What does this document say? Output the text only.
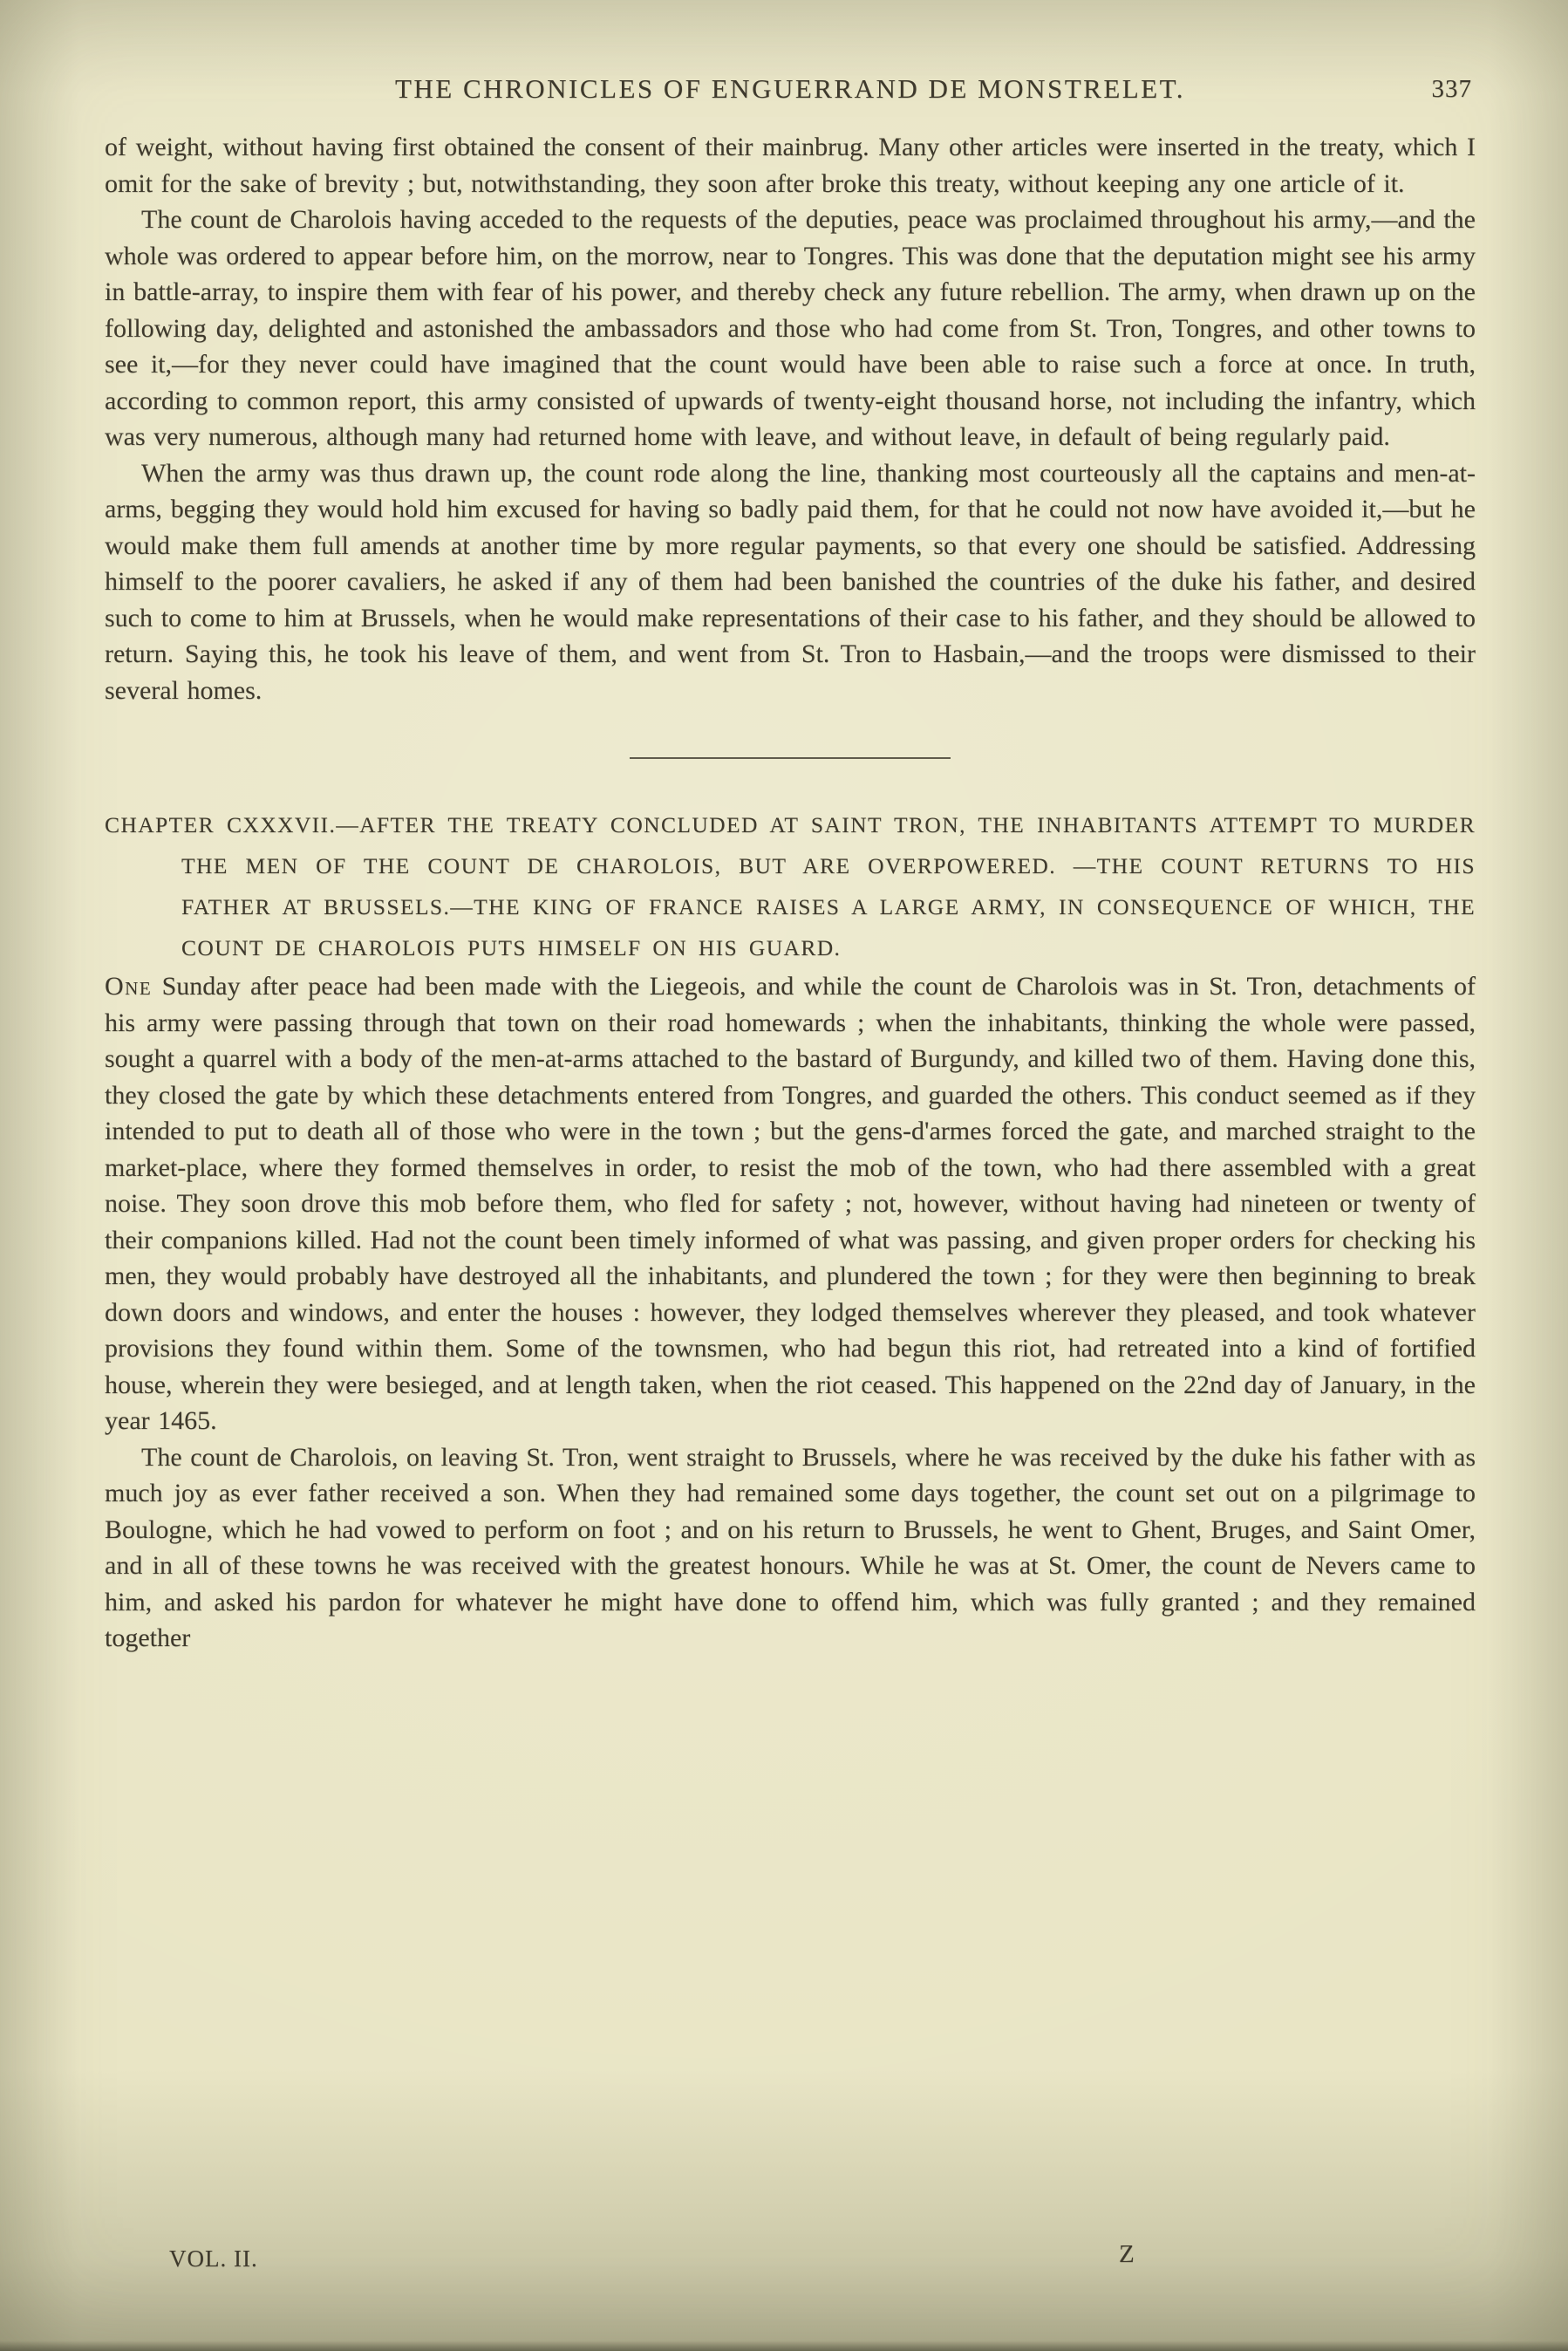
THE CHRONICLES OF ENGUERRAND DE MONSTRELET.	337

of weight, without having first obtained the consent of their mainbrug. Many other articles were inserted in the treaty, which I omit for the sake of brevity ; but, notwithstanding, they soon after broke this treaty, without keeping any one article of it.

The count de Charolois having acceded to the requests of the deputies, peace was proclaimed throughout his army,—and the whole was ordered to appear before him, on the morrow, near to Tongres. This was done that the deputation might see his army in battle-array, to inspire them with fear of his power, and thereby check any future rebellion. The army, when drawn up on the following day, delighted and astonished the ambassadors and those who had come from St. Tron, Tongres, and other towns to see it,—for they never could have imagined that the count would have been able to raise such a force at once. In truth, according to common report, this army consisted of upwards of twenty-eight thousand horse, not including the infantry, which was very numerous, although many had returned home with leave, and without leave, in default of being regularly paid.

When the army was thus drawn up, the count rode along the line, thanking most courteously all the captains and men-at-arms, begging they would hold him excused for having so badly paid them, for that he could not now have avoided it,—but he would make them full amends at another time by more regular payments, so that every one should be satisfied. Addressing himself to the poorer cavaliers, he asked if any of them had been banished the countries of the duke his father, and desired such to come to him at Brussels, when he would make representations of their case to his father, and they should be allowed to return. Saying this, he took his leave of them, and went from St. Tron to Hasbain,—and the troops were dismissed to their several homes.

CHAPTER CXXXVII.—AFTER THE TREATY CONCLUDED AT SAINT TRON, THE INHABITANTS ATTEMPT TO MURDER THE MEN OF THE COUNT DE CHAROLOIS, BUT ARE OVERPOWERED. —THE COUNT RETURNS TO HIS FATHER AT BRUSSELS.—THE KING OF FRANCE RAISES A LARGE ARMY, IN CONSEQUENCE OF WHICH, THE COUNT DE CHAROLOIS PUTS HIMSELF ON HIS GUARD.

One Sunday after peace had been made with the Liegeois, and while the count de Charolois was in St. Tron, detachments of his army were passing through that town on their road homewards ; when the inhabitants, thinking the whole were passed, sought a quarrel with a body of the men-at-arms attached to the bastard of Burgundy, and killed two of them. Having done this, they closed the gate by which these detachments entered from Tongres, and guarded the others. This conduct seemed as if they intended to put to death all of those who were in the town ; but the gens-d'armes forced the gate, and marched straight to the market-place, where they formed themselves in order, to resist the mob of the town, who had there assembled with a great noise. They soon drove this mob before them, who fled for safety ; not, however, without having had nineteen or twenty of their companions killed. Had not the count been timely informed of what was passing, and given proper orders for checking his men, they would probably have destroyed all the inhabitants, and plundered the town ; for they were then beginning to break down doors and windows, and enter the houses : however, they lodged themselves wherever they pleased, and took whatever provisions they found within them. Some of the townsmen, who had begun this riot, had retreated into a kind of fortified house, wherein they were besieged, and at length taken, when the riot ceased. This happened on the 22nd day of January, in the year 1465.

The count de Charolois, on leaving St. Tron, went straight to Brussels, where he was received by the duke his father with as much joy as ever father received a son. When they had remained some days together, the count set out on a pilgrimage to Boulogne, which he had vowed to perform on foot ; and on his return to Brussels, he went to Ghent, Bruges, and Saint Omer, and in all of these towns he was received with the greatest honours. While he was at St. Omer, the count de Nevers came to him, and asked his pardon for whatever he might have done to offend him, which was fully granted ; and they remained together

VOL. II.	Z
